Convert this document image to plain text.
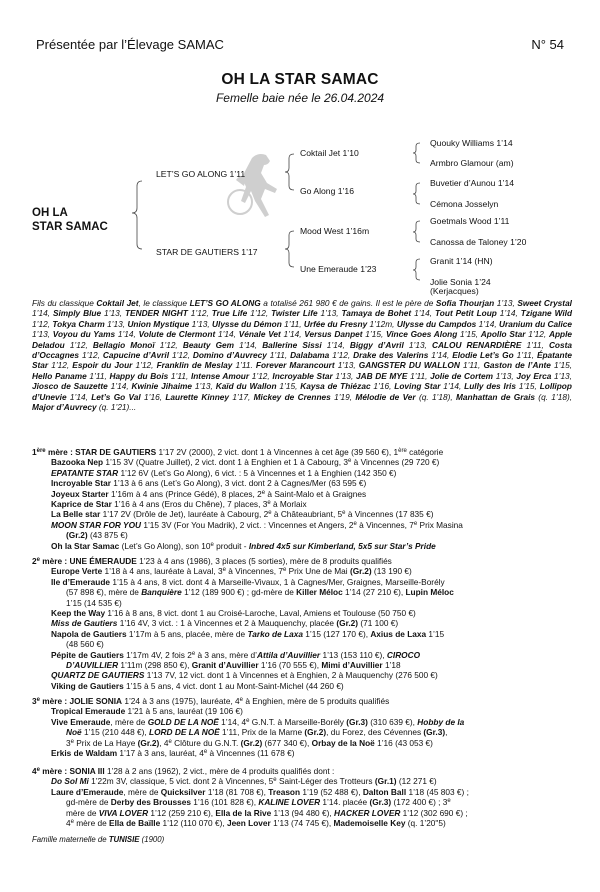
Présentée par l’Élevage SAMAC	N° 54
OH LA STAR SAMAC
Femelle baie née le 26.04.2024
OH LA
STAR SAMAC
LET’S GO ALONG 1’11
STAR DE GAUTIERS 1’17
Coktail Jet 1’10
Go Along 1’16
Mood West 1’16m
Une Emeraude 1’23
Quouky Williams 1’14
Armbro Glamour (am)
Buvetier d’Aunou 1’14
Cémona Josselyn
Goetmals Wood 1’11
Canossa de Taloney 1’20
Granit 1’14 (HN)
Jolie Sonia 1’24
(Kerjacques)
Fils du classique Coktail Jet, le classique LET’S GO ALONG a totalisé 261 980 € de gains. Il est le père de Sofia Thourjan 1’13, Sweet Crystal 1’14, Simply Blue 1’13, TENDER NIGHT 1’12, True Life 1’12, Twister Life 1’13, Tamaya de Bohet 1’14, Tout Petit Loup 1’14, Tzigane Wild 1’12, Tokya Charm 1’13, Union Mystique 1’13, Ulysse du Démon 1’11, Urfée du Fresny 1’12m, Ulysse du Campdos 1’14, Uranium du Calice 1’13, Voyou du Yams 1’14, Volute de Clermont 1’14, Vénale Vet 1’14, Versus Danpet 1’15, Vince Goes Along 1’15, Apollo Star 1’12, Apple Deladou 1’12, Bellagio Monoï 1’12, Beauty Gem 1’14, Ballerine Sissi 1’14, Biggy d’Avril 1’13, CALOU RENARDIÈRE 1’11, Costa d’Occagnes 1’12, Capucine d’Avril 1’12, Domino d’Auvrecy 1’11, Dalabama 1’12, Drake des Valerins 1’14, Elodie Let’s Go 1’11, Épatante Star 1’12, Espoir du Jour 1’12, Franklin de Meslay 1’11. Forever Marancourt 1’13, GANGSTER DU WALLON 1’11, Gaston de l’Ante 1’15, Hello Paname 1’11, Happy du Bois 1’11, Intense Amour 1’12, Incroyable Star 1’13, JAB DE MYE 1’11, Jolie de Cortem 1’13, Joy Erca 1’13, Jiosco de Sauzette 1’14, Kwinie Jihaime 1’13, Kaïd du Wallon 1’15, Kaysa de Thiézac 1’16, Loving Star 1’14, Lully des Iris 1’15, Lollipop d’Unevie 1’14, Let’s Go Val 1’16, Laurette Kinney 1’17, Mickey de Crennes 1’19, Mélodie de Ver (q. 1’18), Manhattan de Grais (q. 1’18), Major d’Auvrecy (q. 1’21)...
1ère mère : STAR DE GAUTIERS 1’17 2V (2000), 2 vict. dont 1 à Vincennes à cet âge (39 560 €), 1ère catégorie
Bazooka Nep 1’15 3V (Quatre Juillet), 2 vict. dont 1 à Enghien et 1 à Cabourg, 3e à Vincennes (29 720 €)
EPATANTE STAR 1’12 6V (Let’s Go Along), 6 vict. : 5 à Vincennes et 1 à Enghien (142 350 €)
Incroyable Star 1’13 à 6 ans (Let’s Go Along), 3 vict. dont 2 à Cagnes/Mer (63 595 €)
Joyeux Starter 1’16m à 4 ans (Prince Gédé), 8 places, 2e à Saint-Malo et à Graignes
Kaprice de Star 1’16 à 4 ans (Eros du Chêne), 7 places, 3e à Morlaix
La Belle star 1’17 2V (Drôle de Jet), lauréate à Cabourg, 2e à Châteaubriant, 5e à Vincennes (17 835 €)
MOON STAR FOR YOU 1’15 3V (For You Madrik), 2 vict. : Vincennes et Angers, 2e à Vincennes, 7e Prix Masina
(Gr.2) (43 875 €)
Oh la Star Samac (Let’s Go Along), son 10e produit - Inbred 4x5 sur Kimberland, 5x5 sur Star’s Pride
2e mère : UNE ÉMERAUDE 1’23 à 4 ans (1986), 3 places (5 sorties), mère de 8 produits qualifiés
Europe Verte 1’18 à 4 ans, lauréate à Laval, 3e à Vincennes, 7e Prix Une de Mai (Gr.2) (13 190 €)
Ile d’Emeraude 1’15 à 4 ans, 8 vict. dont 4 à Marseille-Vivaux, 1 à Cagnes/Mer, Graignes, Marseille-Borély
(57 898 €), mère de Banquière 1’12 (189 900 €) ; gd-mère de Killer Méloc 1’14 (27 210 €), Lupin Méloc
1’15 (14 535 €)
Keep the Way 1’16 à 8 ans, 8 vict. dont 1 au Croisé-Laroche, Laval, Amiens et Toulouse (50 750 €)
Miss de Gautiers 1’16 4V, 3 vict. : 1 à Vincennes et 2 à Mauquenchy, placée (Gr.2) (71 100 €)
Napola de Gautiers 1’17m à 5 ans, placée, mère de Tarko de Laxa 1’15 (127 170 €), Axius de Laxa 1’15
(48 560 €)
Pépite de Gautiers 1’17m 4V, 2 fois 2e à 3 ans, mère d’Attila d’Auvillier 1’13 (153 110 €), CIROCO
D’AUVILLIER 1’11m (298 850 €), Granit d’Auvillier 1’16 (70 555 €), Mimi d’Auvillier 1’18
QUARTZ DE GAUTIERS 1’13 7V, 12 vict. dont 1 à Vincennes et à Enghien, 2 à Mauquenchy (276 500 €)
Viking de Gautiers 1’15 à 5 ans, 4 vict. dont 1 au Mont-Saint-Michel (44 260 €)
3e mère : JOLIE SONIA 1’24 à 3 ans (1975), lauréate, 4e à Enghien, mère de 5 produits qualifiés
Tropical Emeraude 1’21 à 5 ans, lauréat (19 106 €)
Vive Emeraude, mère de GOLD DE LA NOË 1’14, 4e G.N.T. à Marseille-Borély (Gr.3) (310 639 €), Hobby de la
Noë 1’15 (210 448 €), LORD DE LA NOË 1’11, Prix de la Marne (Gr.2), du Forez, des Cévennes (Gr.3),
3e Prix de La Haye (Gr.2), 4e Clôture du G.N.T. (Gr.2) (677 340 €), Orbay de la Noë 1’16 (43 053 €)
Erkis de Waldam 1’17 à 3 ans, lauréat, 4e à Vincennes (11 678 €)
4e mère : SONIA III 1’28 à 2 ans (1962), 2 vict., mère de 4 produits qualifiés dont :
Do Sol Mi 1’22m 3V, classique, 5 vict. dont 2 à Vincennes, 5e Saint-Léger des Trotteurs (Gr.1) (12 271 €)
Laure d’Emeraude, mère de Quicksilver 1’18 (81 708 €), Treason 1’19 (52 488 €), Dalton Ball 1’18 (45 803 €) ;
gd-mère de Derby des Brousses 1’16 (101 828 €), KALINE LOVER 1’14. placée (Gr.3) (172 400 €) ; 3e
mère de VIVA LOVER 1’12 (259 210 €), Ella de la Rive 1’13 (94 480 €), HACKER LOVER 1’12 (302 690 €) ;
4e mère de Ella de Baïlle 1’12 (110 070 €), Jeen Lover 1’13 (74 745 €), Mademoiselle Key (q. 1’20"5)
Famille maternelle de TUNISIE (1900)
